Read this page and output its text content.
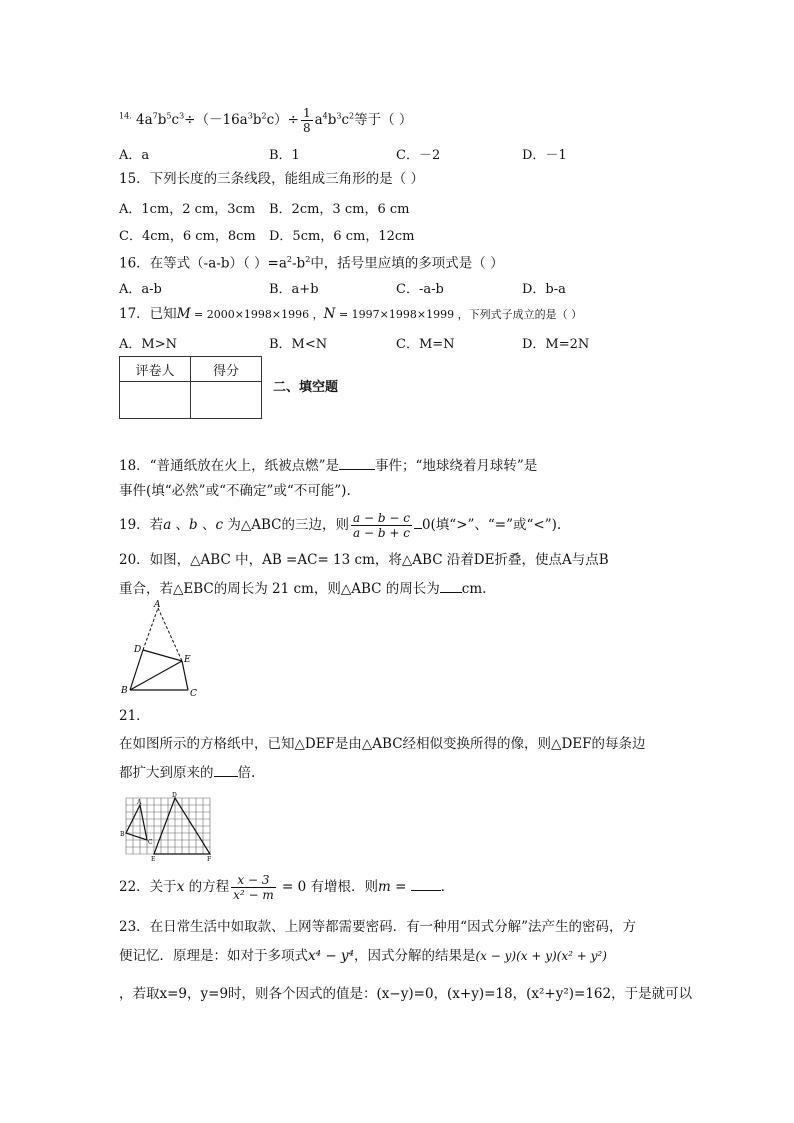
$^{14.}$ $4a^7b^5c^3\div(-16a^3b^2c)\div \frac{1}{8} a^4b^3c^2$等于（ ）
A．a	B．1	C．－2	D．－1
15．下列长度的三条线段，能组成三角形的是（ ）
A．1cm，2 cm，3cm B．2cm，3 cm，6 cm
C．4cm，6 cm，8cm D．5cm，6 cm，12cm
16．在等式（-a-b）（ ）$=a^2-b^2$中，括号里应填的多项式是（ ）
A．a-b	B．a+b	C．-a-b	D．b-a
17．已知M = 2000×1998×1996 ，N = 1997×1998×1999 ，下列式子成立的是（ ）
A．M>N	B．M<N	C．M=N	D．M=2N
评卷人	得分

二、填空题
18．“普通纸放在火上，纸被点燃”是	事件；“地球绕着月球转”是
事件(填“必然”或“不确定”或“不可能”).
19．若a 、b 、c 为△ABC的三边，则 $\frac{a - b - c}{a - b + c} 0$(填“>”、“=”或“<”).
20．如图，△ABC 中，AB =AC= 13 cm，将△ABC 沿着DE折叠，使点A与点B
重合，若△EBC的周长为 21 cm，则△ABC 的周长为 cm.
A
D
E
B	C
21．
在如图所示的方格纸中，已知△DEF是由△ABC经相似变换所得的像，则△DEF的每条边
都扩大到原来的 倍.
A
B
C
D
E	F
22．关于x 的方程 $\frac{x - 3}{\text{x² − m}} = 0$ 有增根．则m = ．
23．在日常生活中如取款、上网等都需要密码．有一种用“因式分解”法产生的密码，方
便记忆．原理是：如对于多项式x⁴ − y⁴，因式分解的结果是(x − y)(x + y)(x² + y²)
，若取x=9，y=9时，则各个因式的值是：(x−y)=0，(x+y)=18，(x²+y²)=162，于是就可以
